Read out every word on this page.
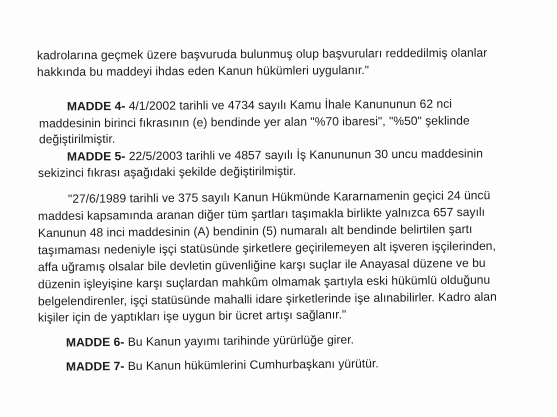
kadrolarına geçmek üzere başvuruda bulunmuş olup başvuruları reddedilmiş olanlar
hakkında bu maddeyi ihdas eden Kanun hükümleri uygulanır."
MADDE 4- 4/1/2002 tarihli ve 4734 sayılı Kamu İhale Kanununun 62 nci
maddesinin birinci fıkrasının (e) bendinde yer alan "%70 ibaresi", "%50" şeklinde
değiştirilmiştir.
MADDE 5- 22/5/2003 tarihli ve 4857 sayılı İş Kanununun 30 uncu maddesinin
sekizinci fıkrası aşağıdaki şekilde değiştirilmiştir.
"27/6/1989 tarihli ve 375 sayılı Kanun Hükmünde Kararnamenin geçici 24 üncü
maddesi kapsamında aranan diğer tüm şartları taşımakla birlikte yalnızca 657 sayılı
Kanunun 48 inci maddesinin (A) bendinin (5) numaralı alt bendinde belirtilen şartı
taşımaması nedeniyle işçi statüsünde şirketlere geçirilemeyen alt işveren işçilerinden,
affa uğramış olsalar bile devletin güvenliğine karşı suçlar ile Anayasal düzene ve bu
düzenin işleyişine karşı suçlardan mahkûm olmamak şartıyla eski hükümlü olduğunu
belgelendirenler, işçi statüsünde mahalli idare şirketlerinde işe alınabilirler. Kadro alan
kişiler için de yaptıkları işe uygun bir ücret artışı sağlanır."
MADDE 6- Bu Kanun yayımı tarihinde yürürlüğe girer.
MADDE 7- Bu Kanun hükümlerini Cumhurbaşkanı yürütür.
